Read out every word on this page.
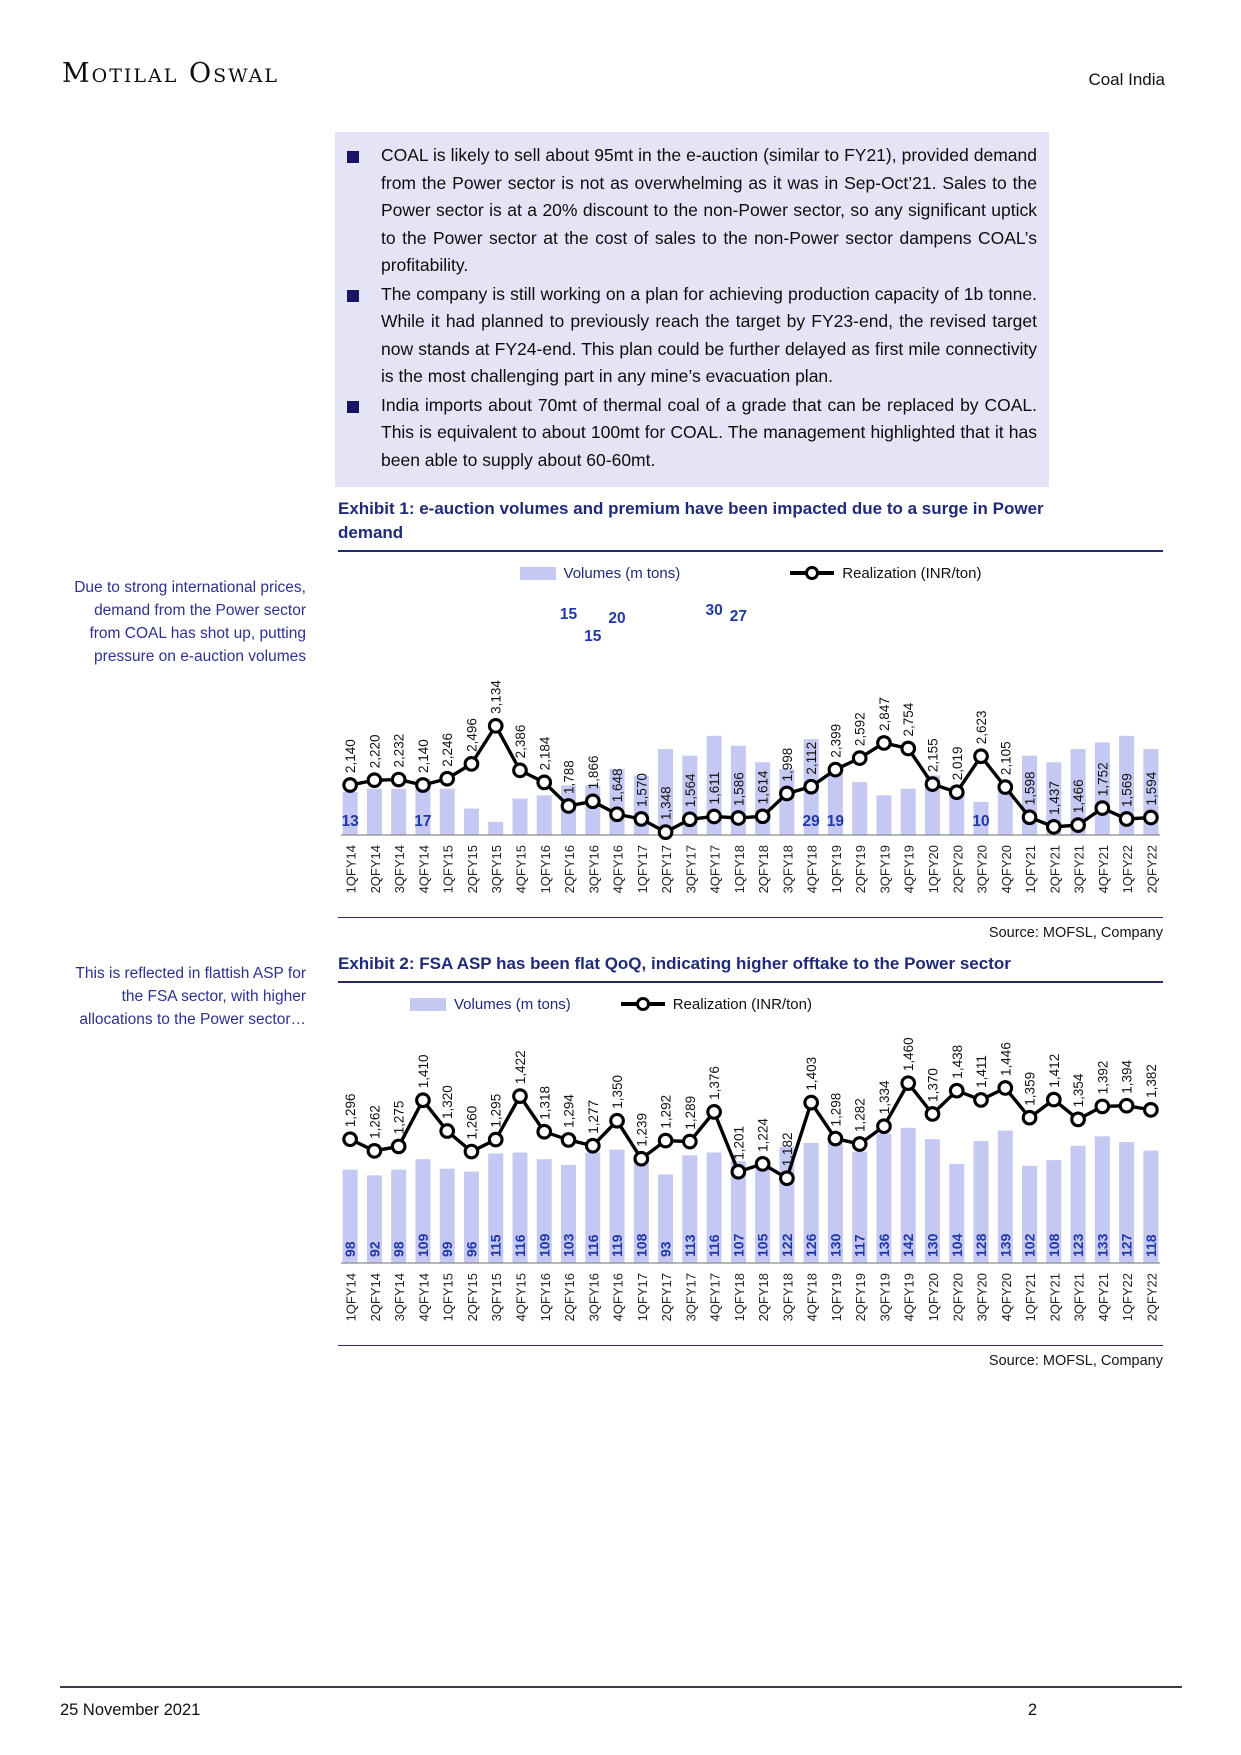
Motilal Oswal	Coal India

COAL is likely to sell about 95mt in the e-auction (similar to FY21), provided demand from the Power sector is not as overwhelming as it was in Sep-Oct’21. Sales to the Power sector is at a 20% discount to the non-Power sector, so any significant uptick to the Power sector at the cost of sales to the non-Power sector dampens COAL’s profitability.

The company is still working on a plan for achieving production capacity of 1b tonne. While it had planned to previously reach the target by FY23-end, the revised target now stands at FY24-end. This plan could be further delayed as first mile connectivity is the most challenging part in any mine’s evacuation plan.

India imports about 70mt of thermal coal of a grade that can be replaced by COAL. This is equivalent to about 100mt for COAL. The management highlighted that it has been able to supply about 60-60mt.

Due to strong international prices, demand from the Power sector from COAL has shot up, putting pressure on e-auction volumes
Exhibit 1: e-auction volumes and premium have been impacted due to a surge in Power demand
Volumes (m tons)	Realization (INR/ton)
2,140 2,220 2,232 2,140 2,246 2,496
3,134
2,386 2,184
1,788 1,866 1,648 1,570 1,348 1,564 1,611 1,586 1,614
1,998 2,112
2,399 2,592 2,847 2,754
2,155 2,019
2,623
2,105
1,598 1,437 1,466
1,752 1,569 1,594
1QFY14 2QFY14 3QFY14 4QFY14 1QFY15 2QFY15 3QFY15 4QFY15 1QFY16 2QFY16 3QFY16 4QFY16 1QFY17 2QFY17 3QFY17 4QFY17 1QFY18 2QFY18 3QFY18 4QFY18 1QFY19 2QFY19 3QFY19 4QFY19 1QFY20 2QFY20 3QFY20 4QFY20 1QFY21 2QFY21 3QFY21 4QFY21 1QFY22 2QFY22
13	17
15
15
20	30 27
29 19	10
Source: MOFSL, Company
This is reflected in flattish ASP for the FSA sector, with higher allocations to the Power sector…
Exhibit 2: FSA ASP has been flat QoQ, indicating higher offtake to the Power sector
Volumes (m tons)	Realization (INR/ton)
1,296 1,262 1,275
1,410
1,320
1,260 1,295
1,422
1,318 1,294 1,277
1,350
1,239
1,292 1,289
1,376
1,201 1,224 1,182
1,403
1,298 1,282
1,334
1,460
1,370
1,438 1,411 1,446
1,359
1,412
1,354 1,392 1,394 1,382
1QFY14 2QFY14 3QFY14 4QFY14 1QFY15 2QFY15 3QFY15 4QFY15 1QFY16 2QFY16 3QFY16 4QFY16 1QFY17 2QFY17 3QFY17 4QFY17 1QFY18 2QFY18 3QFY18 4QFY18 1QFY19 2QFY19 3QFY19 4QFY19 1QFY20 2QFY20 3QFY20 4QFY20 1QFY21 2QFY21 3QFY21 4QFY21 1QFY22 2QFY22
98 92 98 109 99 96 115 116 109 103 116 119 108 93 113 116 107 105 122 126 130 117 136 142 130 104 128 139 102 108 123 133 127 118
Source: MOFSL, Company
25 November 2021	2
